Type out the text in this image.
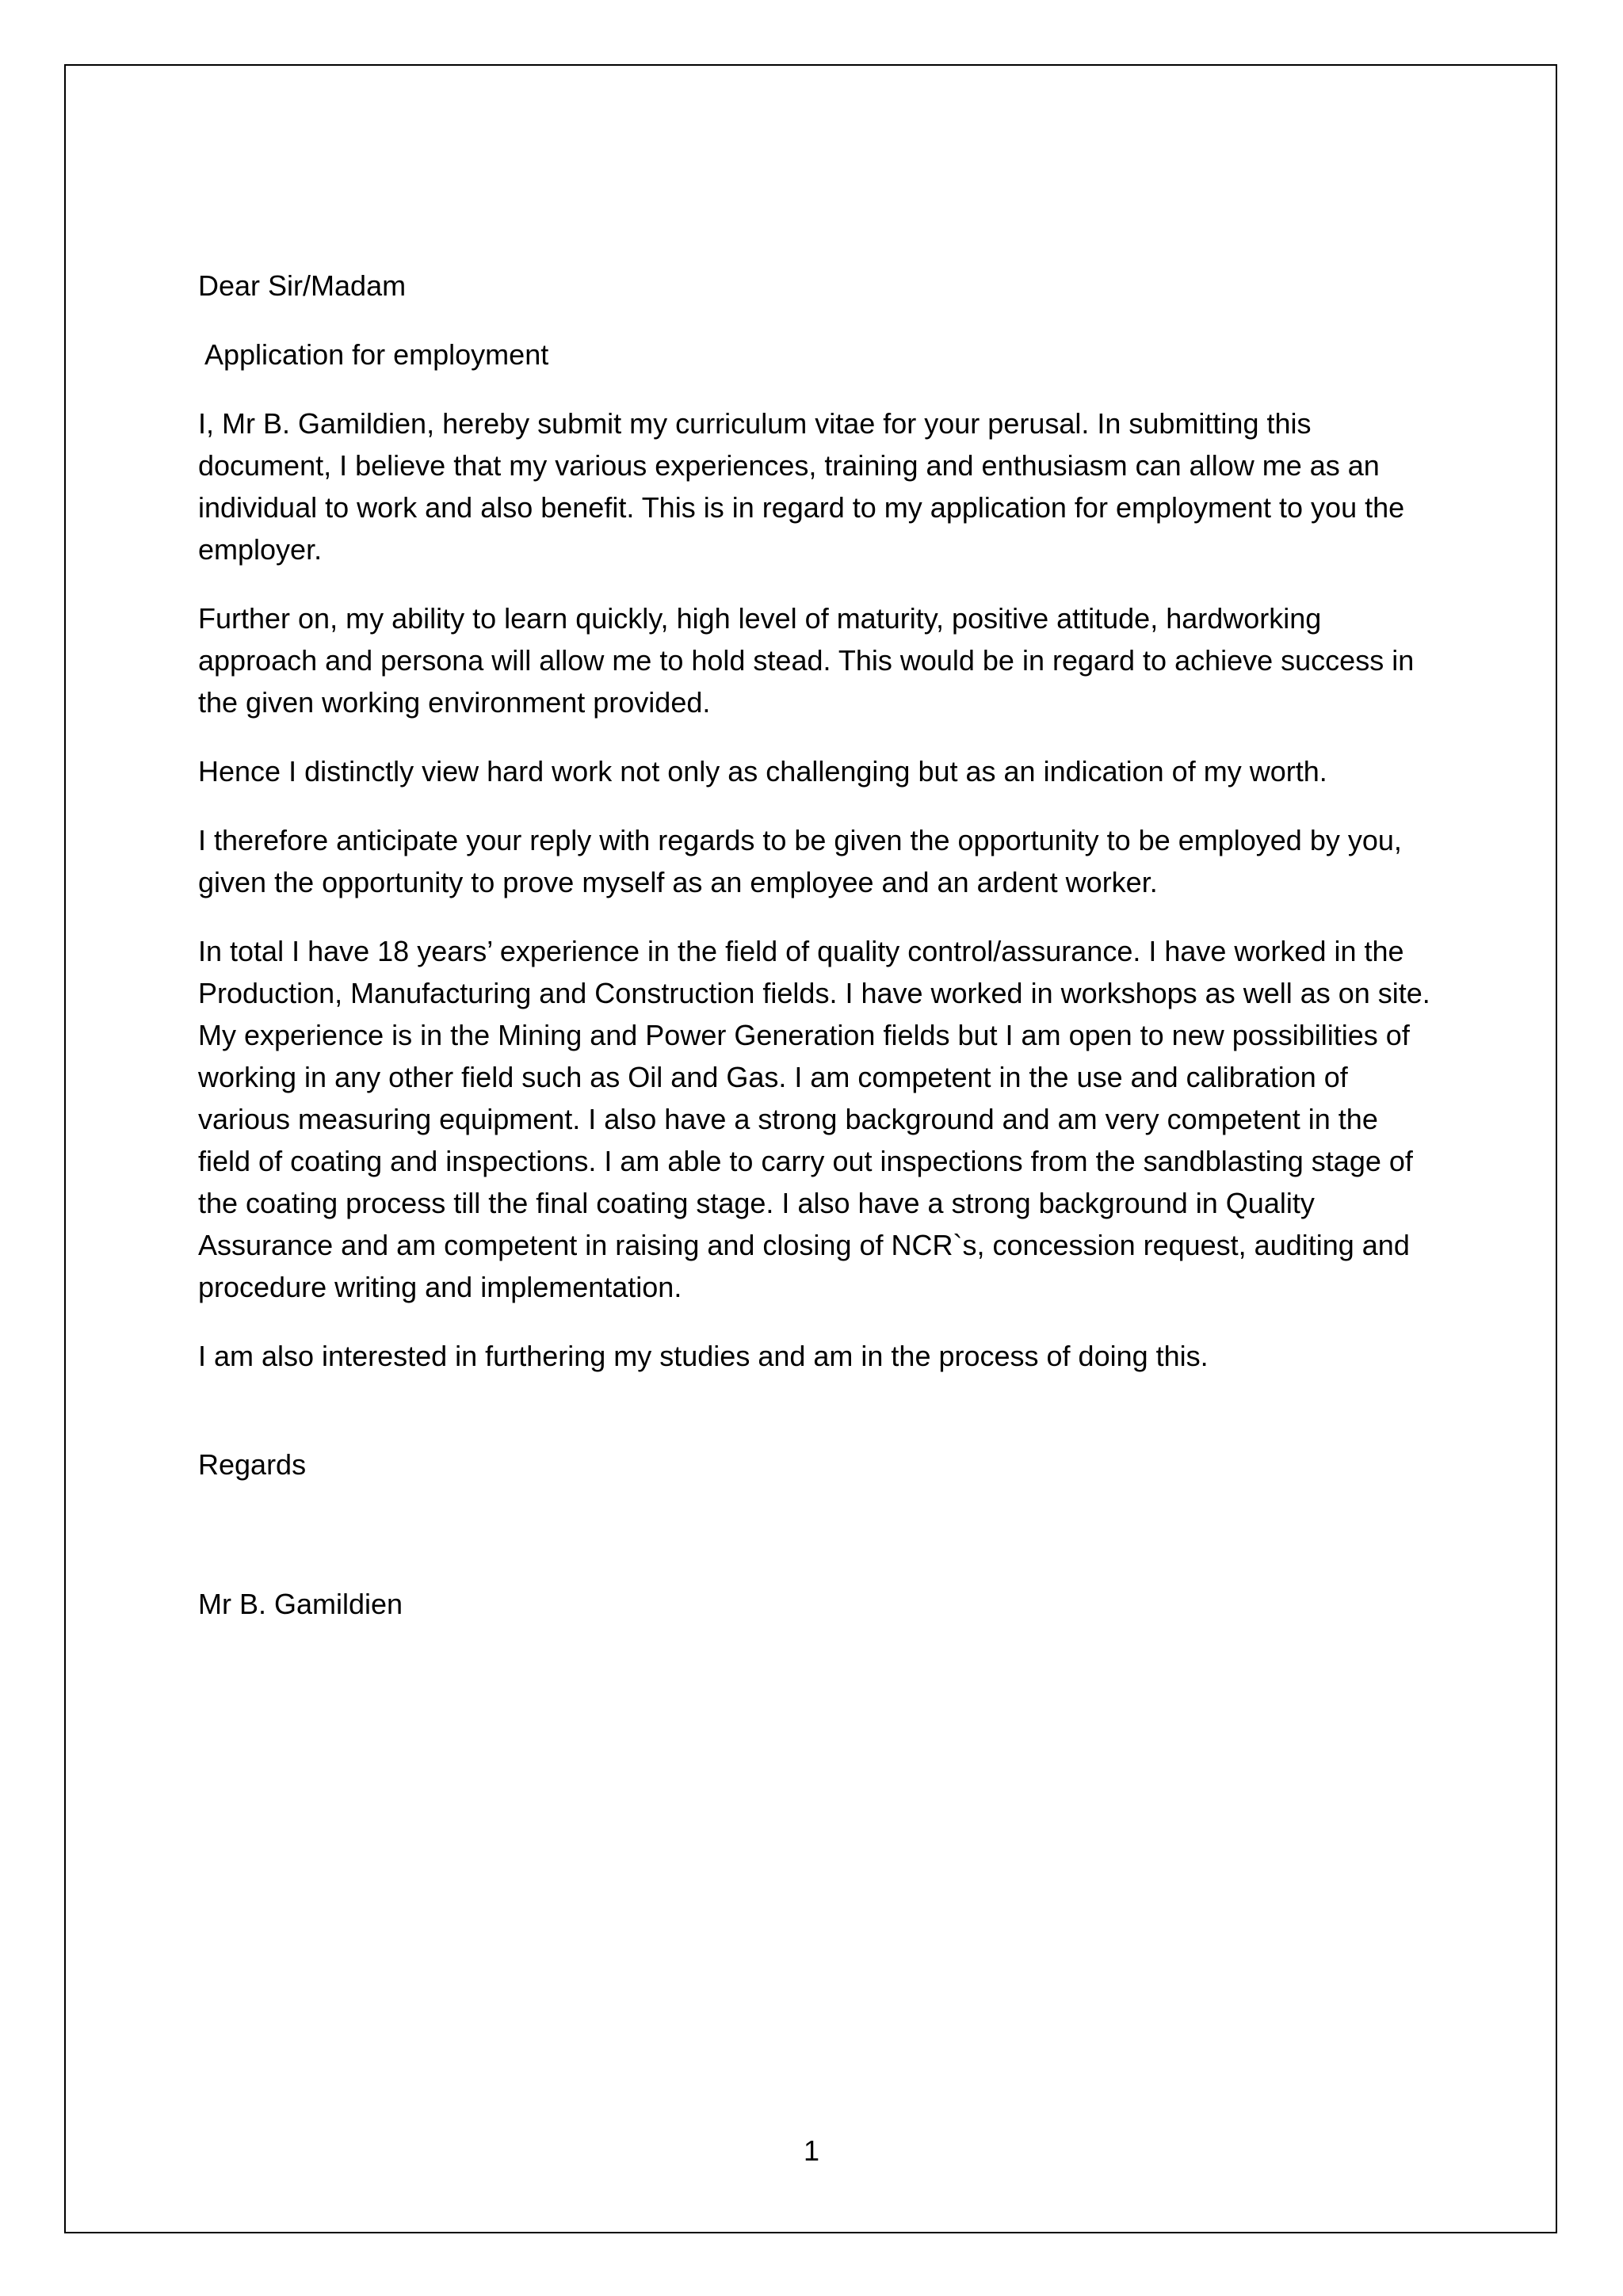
Dear Sir/Madam

Application for employment

I, Mr B. Gamildien, hereby submit my curriculum vitae for your perusal. In submitting this document, I believe that my various experiences, training and enthusiasm can allow me as an individual to work and also benefit. This is in regard to my application for employment to you the employer.

Further on, my ability to learn quickly, high level of maturity, positive attitude, hardworking approach and persona will allow me to hold stead. This would be in regard to achieve success in the given working environment provided.

Hence I distinctly view hard work not only as challenging but as an indication of my worth.

I therefore anticipate your reply with regards to be given the opportunity to be employed by you, given the opportunity to prove myself as an employee and an ardent worker.

In total I have 18 years’ experience in the field of quality control/assurance. I have worked in the Production, Manufacturing and Construction fields. I have worked in workshops as well as on site. My experience is in the Mining and Power Generation fields but I am open to new possibilities of working in any other field such as Oil and Gas. I am competent in the use and calibration of various measuring equipment. I also have a strong background and am very competent in the field of coating and inspections. I am able to carry out inspections from the sandblasting stage of the coating process till the final coating stage. I also have a strong background in Quality Assurance and am competent in raising and closing of NCR`s, concession request, auditing and procedure writing and implementation.

I am also interested in furthering my studies and am in the process of doing this.

Regards

Mr B. Gamildien

1
